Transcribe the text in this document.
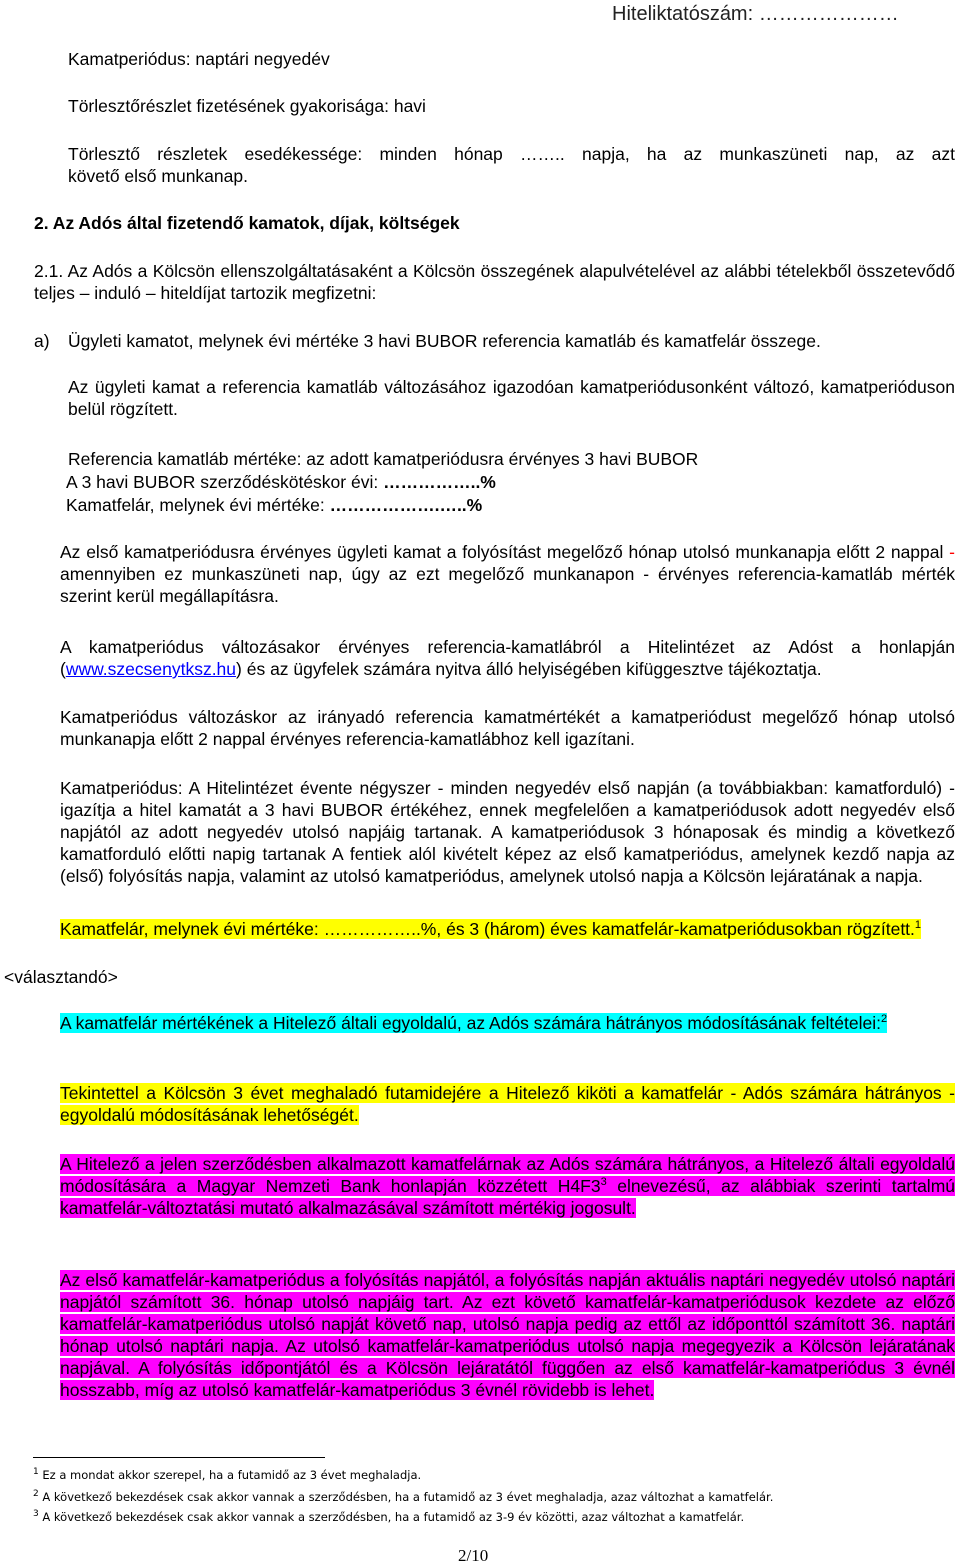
Hiteliktatószám: …………………
Kamatperiódus: naptári negyedév
Törlesztőrészlet fizetésének gyakorisága: havi
Törlesztő részletek esedékessége: minden hónap …….. napja, ha az munkaszüneti nap, az azt
követő első munkanap.
2. Az Adós által fizetendő kamatok, díjak, költségek
2.1. Az Adós a Kölcsön ellenszolgáltatásaként a Kölcsön összegének alapulvételével az alábbi tételekből összetevődő teljes – induló – hiteldíjat tartozik megfizetni:
a) Ügyleti kamatot, melynek évi mértéke 3 havi BUBOR referencia kamatláb és kamatfelár összege.
Az ügyleti kamat a referencia kamatláb változásához igazodóan kamatperiódusonként változó, kamatperióduson belül rögzített.
Referencia kamatláb mértéke: az adott kamatperiódusra érvényes 3 havi BUBOR
A 3 havi BUBOR szerződéskötéskor évi: ……………..%
Kamatfelár, melynek évi mértéke: ……………….…..%
Az első kamatperiódusra érvényes ügyleti kamat a folyósítást megelőző hónap utolsó munkanapja előtt 2 nappal - amennyiben ez munkaszüneti nap, úgy az ezt megelőző munkanapon - érvényes referencia-kamatláb mérték szerint kerül megállapításra.
A kamatperiódus változásakor érvényes referencia-kamatlábról a Hitelintézet az Adóst a honlapján (www.szecsenytksz.hu) és az ügyfelek számára nyitva álló helyiségében kifüggesztve tájékoztatja.
Kamatperiódus változáskor az irányadó referencia kamatmértékét a kamatperiódust megelőző hónap utolsó munkanapja előtt 2 nappal érvényes referencia-kamatlábhoz kell igazítani.
Kamatperiódus: A Hitelintézet évente négyszer - minden negyedév első napján (a továbbiakban: kamatforduló) - igazítja a hitel kamatát a 3 havi BUBOR értékéhez, ennek megfelelően a kamatperiódusok adott negyedév első napjától az adott negyedév utolsó napjáig tartanak. A kamatperiódusok 3 hónaposak és mindig a következő kamatforduló előtti napig tartanak A fentiek alól kivételt képez az első kamatperiódus, amelynek kezdő napja az (első) folyósítás napja, valamint az utolsó kamatperiódus, amelynek utolsó napja a Kölcsön lejáratának a napja.
Kamatfelár, melynek évi mértéke: ……………..%, és 3 (három) éves kamatfelár-kamatperiódusokban rögzített.$^1$
<választandó>
A kamatfelár mértékének a Hitelező általi egyoldalú, az Adós számára hátrányos módosításának feltételei:$^2$
Tekintettel a Kölcsön 3 évet meghaladó futamidejére a Hitelező kiköti a kamatfelár - Adós számára hátrányos - egyoldalú módosításának lehetőségét.
A Hitelező a jelen szerződésben alkalmazott kamatfelárnak az Adós számára hátrányos, a Hitelező általi egyoldalú módosítására a Magyar Nemzeti Bank honlapján közzétett $H4F3^3$ elnevezésű, az alábbiak szerinti tartalmú kamatfelár-változtatási mutató alkalmazásával számított mértékig jogosult.
Az első kamatfelár-kamatperiódus a folyósítás napjától, a folyósítás napján aktuális naptári negyedév utolsó naptári napjától számított 36. hónap utolsó napjáig tart. Az ezt követő kamatfelár-kamatperiódusok kezdete az előző kamatfelár-kamatperiódus utolsó napját követő nap, utolsó napja pedig az ettől az időponttól számított 36. naptári hónap utolsó naptári napja. Az utolsó kamatfelár-kamatperiódus utolsó napja megegyezik a Kölcsön lejáratának napjával. A folyósítás időpontjától és a Kölcsön lejáratától függően az első kamatfelár-kamatperiódus 3 évnél hosszabb, míg az utolsó kamatfelár-kamatperiódus 3 évnél rövidebb is lehet.
$^1$ Ez a mondat akkor szerepel, ha a futamidő az 3 évet meghaladja.
$^2$ A következő bekezdések csak akkor vannak a szerződésben, ha a futamidő az 3 évet meghaladja, azaz változhat a kamatfelár.
$^3$ A következő bekezdések csak akkor vannak a szerződésben, ha a futamidő az 3-9 év közötti, azaz változhat a kamatfelár.
2/10
